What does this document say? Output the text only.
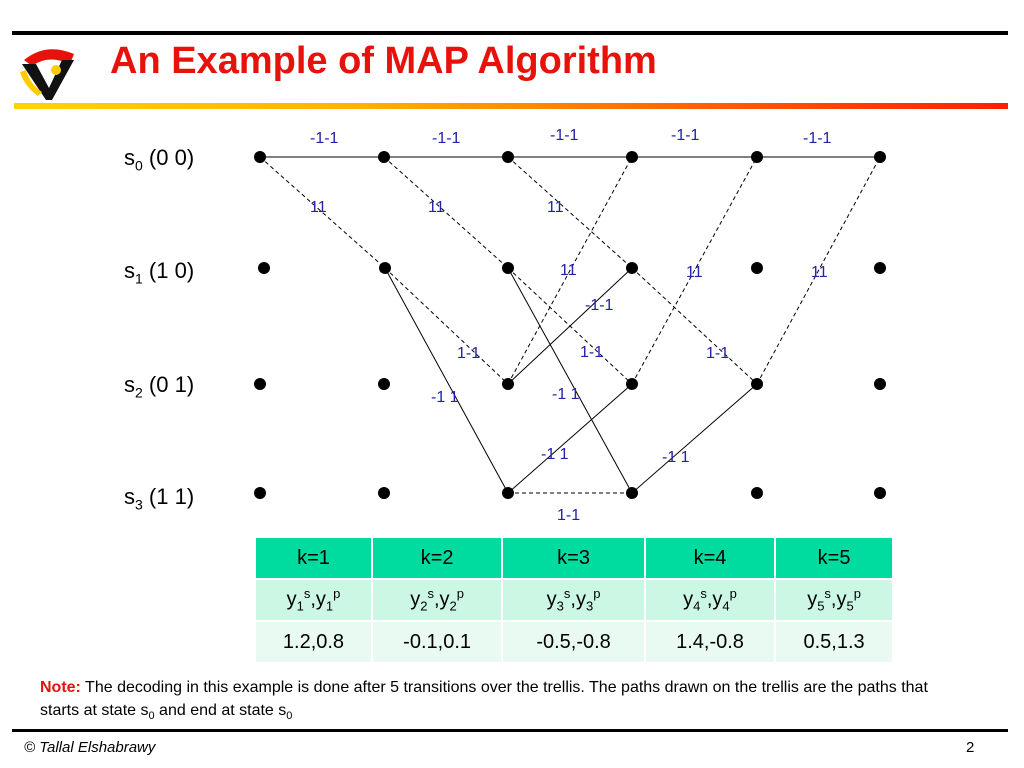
An Example of MAP Algorithm
$s_0$ (0 0)
$s_1$ (1 0)
$s_2$ (0 1)
$s_3$ (1 1)
-1-1	-1-1	-1-1	-1-1	-1-1
11	11	11
11	11	11
-1-1
1-1	1-1	1-1
-1 1	-1 1
-1 1	-1 1
1-1
k=1	k=2	k=3	k=4	k=5
$y_1^s,y_1^p$	$y_2^s,y_2^p$	$y_3^s,y_3^p$	$y_4^s,y_4^p$	$y_5^s,y_5^p$
1.2,0.8	-0.1,0.1	-0.5,-0.8	1.4,-0.8	0.5,1.3
Note: The decoding in this example is done after 5 transitions over the trellis. The paths drawn on the trellis are the paths that starts at state $s_0$ and end at state $s_0$
© Tallal Elshabrawy	2
